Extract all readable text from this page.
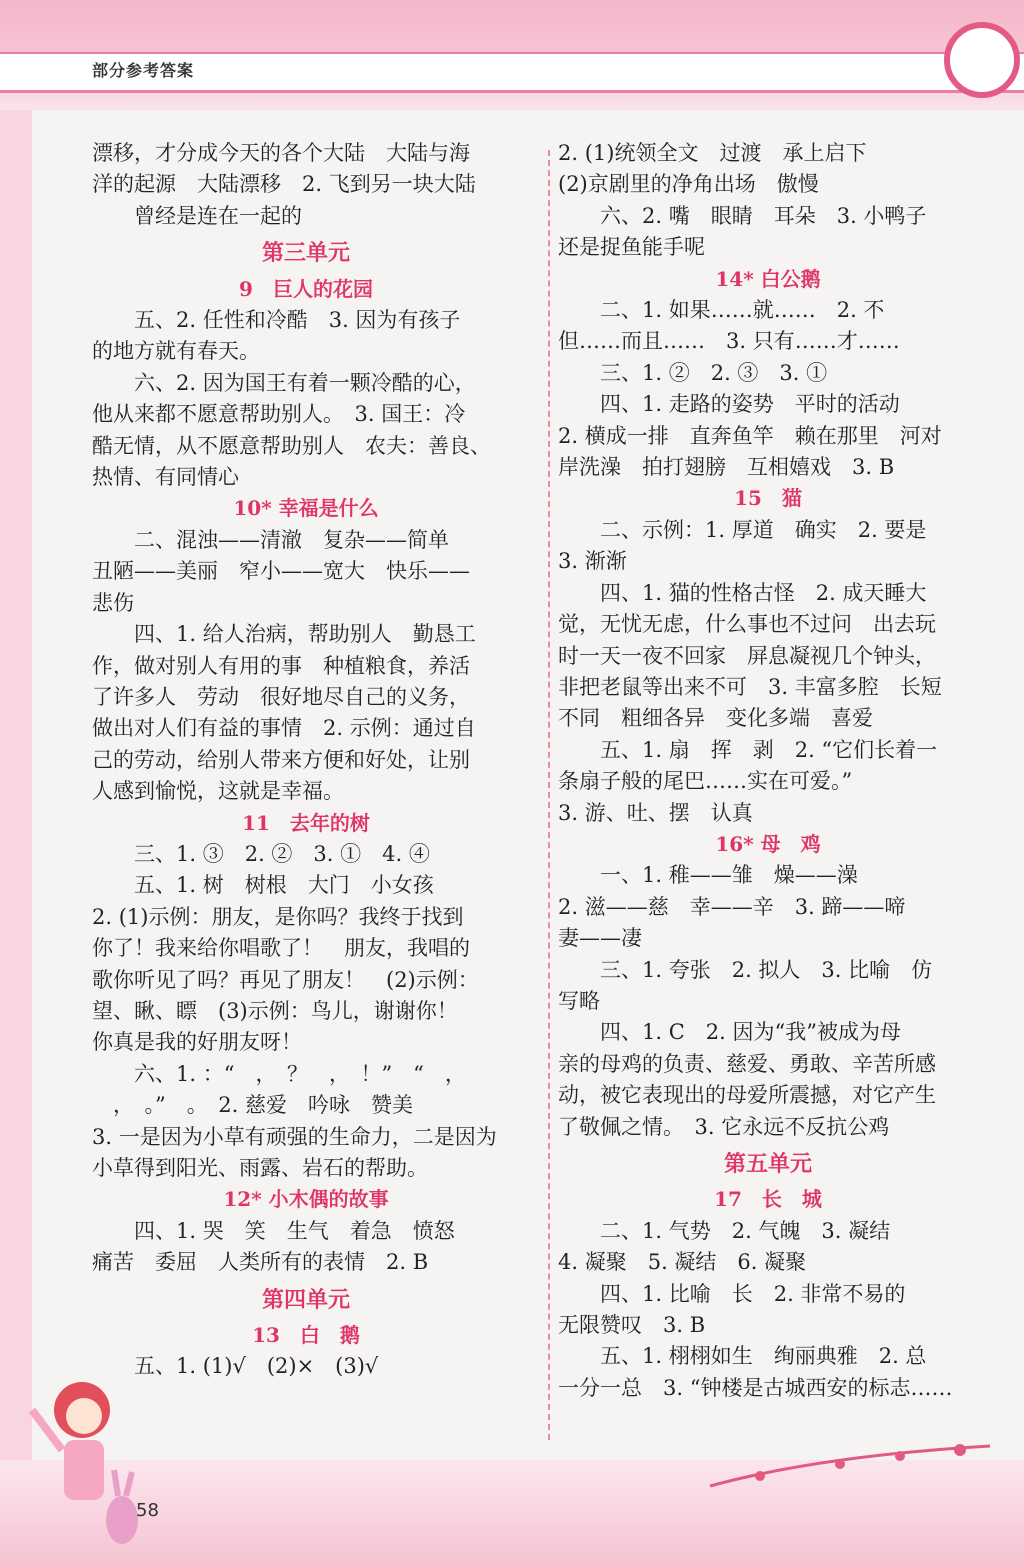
部分参考答案

漂移，才分成今天的各个大陆　大陆与海

洋的起源　大陆漂移　2. 飞到另一块大陆

曾经是连在一起的

第三单元

9　巨人的花园

五、2. 任性和冷酷　3. 因为有孩子

的地方就有春天。

六、2. 因为国王有着一颗冷酷的心，

他从来都不愿意帮助别人。　3. 国王：冷

酷无情，从不愿意帮助别人　农夫：善良、

热情、有同情心

10* 幸福是什么

二、混浊——清澈　复杂——简单

丑陋——美丽　窄小——宽大　快乐——

悲伤

四、1. 给人治病，帮助别人　勤恳工

作，做对别人有用的事　种植粮食，养活

了许多人　劳动　很好地尽自己的义务，

做出对人们有益的事情　2. 示例：通过自

己的劳动，给别人带来方便和好处，让别

人感到愉悦，这就是幸福。

11　去年的树

三、1. ③　2. ②　3. ①　4. ④

五、1. 树　树根　大门　小女孩

2. (1)示例：朋友，是你吗？我终于找到

你了！我来给你唱歌了！　朋友，我唱的

歌你听见了吗？再见了朋友！　(2)示例：

望、瞅、瞟　(3)示例：鸟儿，谢谢你！

你真是我的好朋友呀！

六、1. ：“　，　？　，　！”　“　，

　，　。”　。　2. 慈爱　吟咏　赞美

3. 一是因为小草有顽强的生命力，二是因为

小草得到阳光、雨露、岩石的帮助。

12* 小木偶的故事

四、1. 哭　笑　生气　着急　愤怒

痛苦　委屈　人类所有的表情　2. B

第四单元

13　白　鹅

五、1. (1)√　(2)×　(3)√

2. (1)统领全文　过渡　承上启下

(2)京剧里的净角出场　傲慢

六、2. 嘴　眼睛　耳朵　3. 小鸭子

还是捉鱼能手呢

14* 白公鹅

二、1. 如果……就……　2. 不

但……而且……　3. 只有……才……

三、1. ②　2. ③　3. ①

四、1. 走路的姿势　平时的活动

2. 横成一排　直奔鱼竿　赖在那里　河对

岸洗澡　拍打翅膀　互相嬉戏　3. B

15　猫

二、示例：1. 厚道　确实　2. 要是

3. 渐渐

四、1. 猫的性格古怪　2. 成天睡大

觉，无忧无虑，什么事也不过问　出去玩

时一天一夜不回家　屏息凝视几个钟头，

非把老鼠等出来不可　3. 丰富多腔　长短

不同　粗细各异　变化多端　喜爱

五、1. 扇　挥　剥　2. “它们长着一

条扇子般的尾巴……实在可爱。”

3. 游、吐、摆　认真

16* 母　鸡

一、1. 稚——雏　燥——澡

2. 滋——慈　幸——辛　3. 蹄——啼

妻——凄

三、1. 夸张　2. 拟人　3. 比喻　仿

写略

四、1. C　2. 因为“我”被成为母

亲的母鸡的负责、慈爱、勇敢、辛苦所感

动，被它表现出的母爱所震撼，对它产生

了敬佩之情。　3. 它永远不反抗公鸡

第五单元

17　长　城

二、1. 气势　2. 气魄　3. 凝结

4. 凝聚　5. 凝结　6. 凝聚

四、1. 比喻　长　2. 非常不易的

无限赞叹　3. B

五、1. 栩栩如生　绚丽典雅　2. 总

一分一总　3. “钟楼是古城西安的标志……

58
